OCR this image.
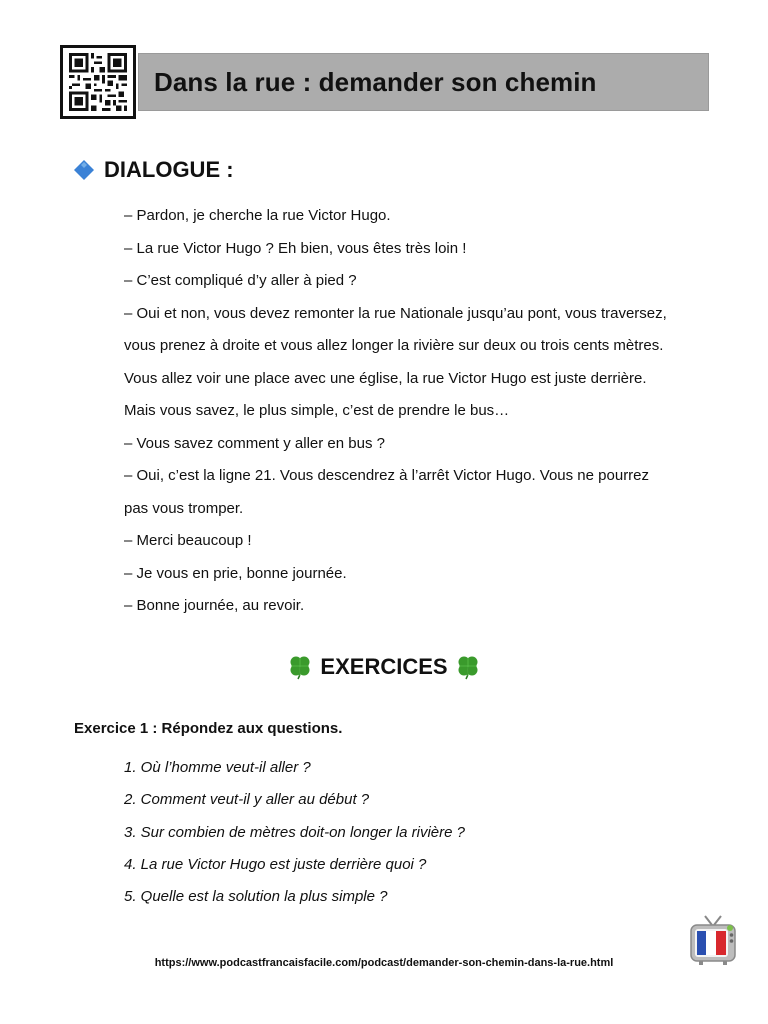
Dans la rue : demander son chemin
DIALOGUE :
– Pardon, je cherche la rue Victor Hugo.
– La rue Victor Hugo ? Eh bien, vous êtes très loin !
– C’est compliqué d’y aller à pied ?
– Oui et non, vous devez remonter la rue Nationale jusqu’au pont, vous traversez,
vous prenez à droite et vous allez longer la rivière sur deux ou trois cents mètres.
Vous allez voir une place avec une église, la rue Victor Hugo est juste derrière.
Mais vous savez, le plus simple, c’est de prendre le bus…
– Vous savez comment y aller en bus ?
– Oui, c’est la ligne 21. Vous descendrez à l’arrêt Victor Hugo. Vous ne pourrez
pas vous tromper.
– Merci beaucoup !
– Je vous en prie, bonne journée.
– Bonne journée, au revoir.
EXERCICES
Exercice 1 : Répondez aux questions.
1. Où l’homme veut-il aller ?
2. Comment veut-il y aller au début ?
3. Sur combien de mètres doit-on longer la rivière ?
4. La rue Victor Hugo est juste derrière quoi ?
5. Quelle est la solution la plus simple ?
https://www.podcastfrancaisfacile.com/podcast/demander-son-chemin-dans-la-rue.html
